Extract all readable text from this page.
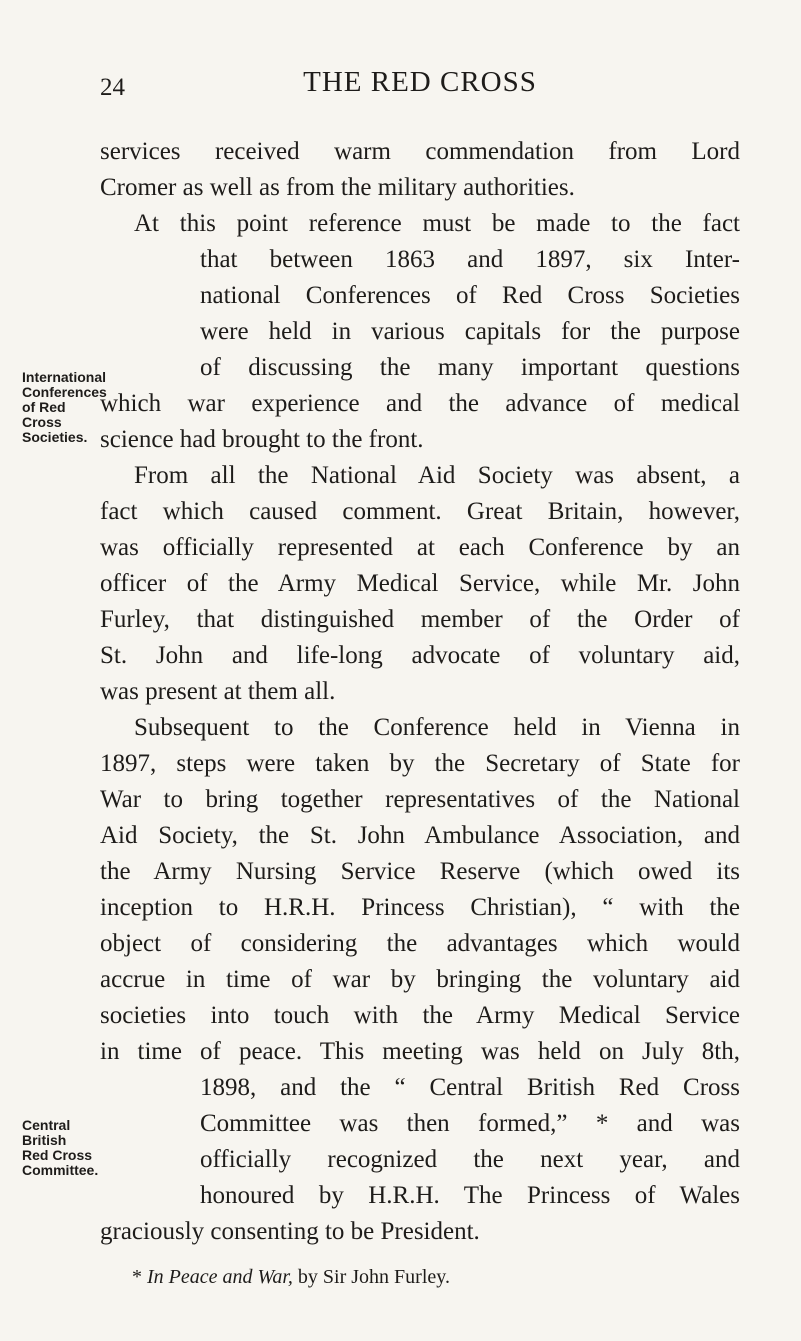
24	THE RED CROSS
International
Conferences
of Red
Cross
Societies.
Central
British
Red Cross
Committee.
services received warm commendation from Lord
Cromer as well as from the military authorities.
At this point reference must be made to the fact
that between 1863 and 1897, six Inter-
national Conferences of Red Cross Societies
were held in various capitals for the purpose
of discussing the many important questions
which war experience and the advance of medical
science had brought to the front.
From all the National Aid Society was absent, a
fact which caused comment. Great Britain, however,
was officially represented at each Conference by an
officer of the Army Medical Service, while Mr. John
Furley, that distinguished member of the Order of
St. John and life-long advocate of voluntary aid,
was present at them all.
Subsequent to the Conference held in Vienna in
1897, steps were taken by the Secretary of State for
War to bring together representatives of the National
Aid Society, the St. John Ambulance Association, and
the Army Nursing Service Reserve (which owed its
inception to H.R.H. Princess Christian), “ with the
object of considering the advantages which would
accrue in time of war by bringing the voluntary aid
societies into touch with the Army Medical Service
in time of peace. This meeting was held on July 8th,
1898, and the “ Central British Red Cross
Committee was then formed,” * and was
officially recognized the next year, and
honoured by H.R.H. The Princess of Wales
graciously consenting to be President.
* In Peace and War, by Sir John Furley.
